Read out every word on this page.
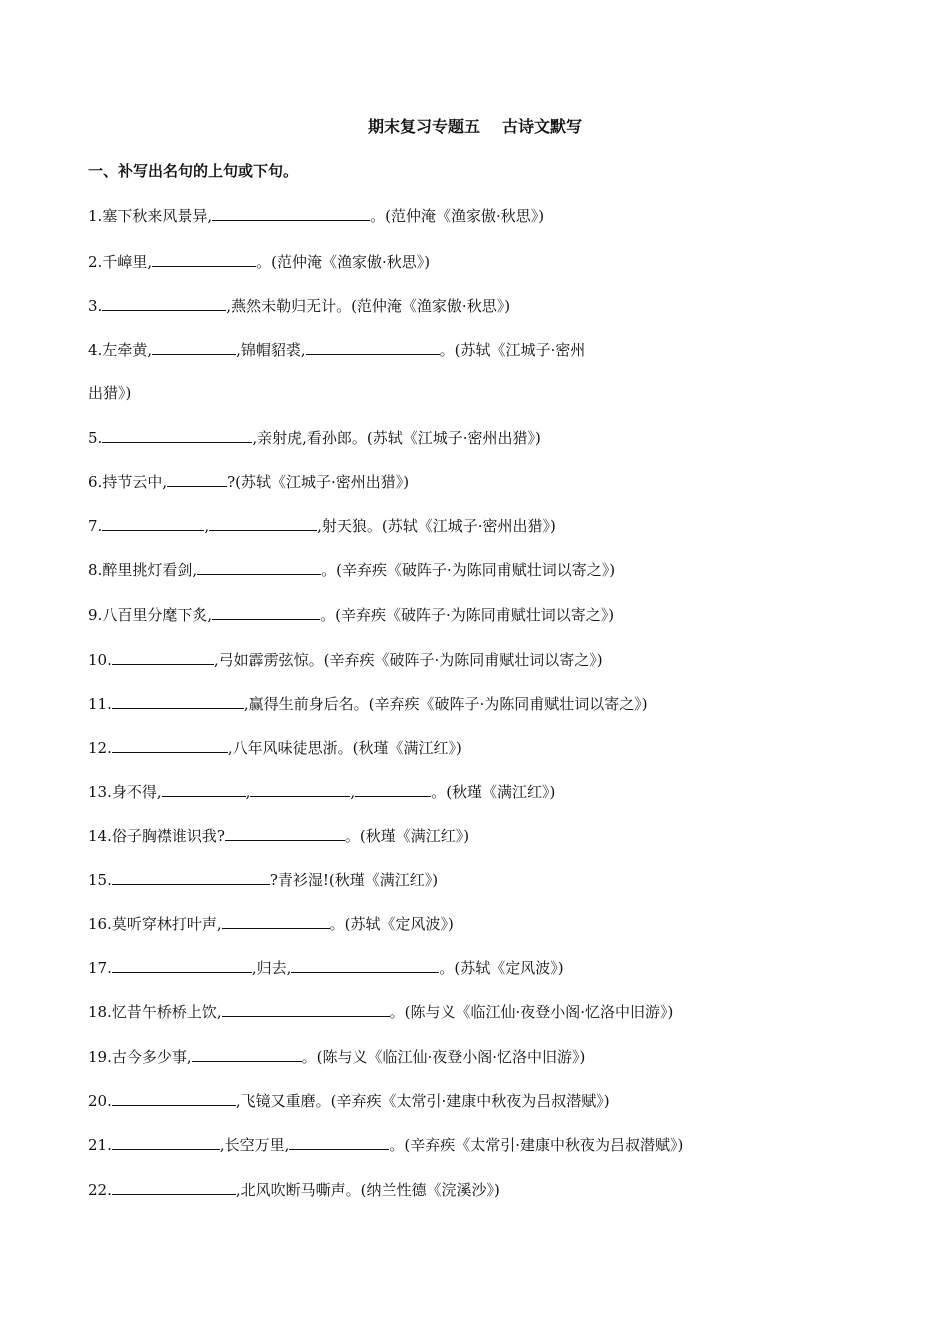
期末复习专题五 古诗文默写
一、补写出名句的上句或下句。
1.塞下秋来风景异,	。(范仲淹《渔家傲·秋思》)
2.千嶂里,	。(范仲淹《渔家傲·秋思》)
3.	,燕然未勒归无计。(范仲淹《渔家傲·秋思》)
4.左牵黄,	,锦帽貂裘,	。(苏轼《江城子·密州
出猎》)
5.	,亲射虎,看孙郎。(苏轼《江城子·密州出猎》)
6.持节云中,	?(苏轼《江城子·密州出猎》)
7.	,	,射天狼。(苏轼《江城子·密州出猎》)
8.醉里挑灯看剑,	。(辛弃疾《破阵子·为陈同甫赋壮词以寄之》)
9.八百里分麾下炙,	。(辛弃疾《破阵子·为陈同甫赋壮词以寄之》)
10.	,弓如霹雳弦惊。(辛弃疾《破阵子·为陈同甫赋壮词以寄之》)
11.	,赢得生前身后名。(辛弃疾《破阵子·为陈同甫赋壮词以寄之》)
12.	,八年风味徒思浙。(秋瑾《满江红》)
13.身不得,	,	,	。(秋瑾《满江红》)
14.俗子胸襟谁识我?	。(秋瑾《满江红》)
15.	?青衫湿!(秋瑾《满江红》)
16.莫听穿林打叶声,	。(苏轼《定风波》)
17.	,归去,	。(苏轼《定风波》)
18.忆昔午桥桥上饮,	。(陈与义《临江仙·夜登小阁·忆洛中旧游》)
19.古今多少事,	。(陈与义《临江仙·夜登小阁·忆洛中旧游》)
20.	,飞镜又重磨。(辛弃疾《太常引·建康中秋夜为吕叔潜赋》)
21.	,长空万里,	。(辛弃疾《太常引·建康中秋夜为吕叔潜赋》)
22.	,北风吹断马嘶声。(纳兰性德《浣溪沙》)
